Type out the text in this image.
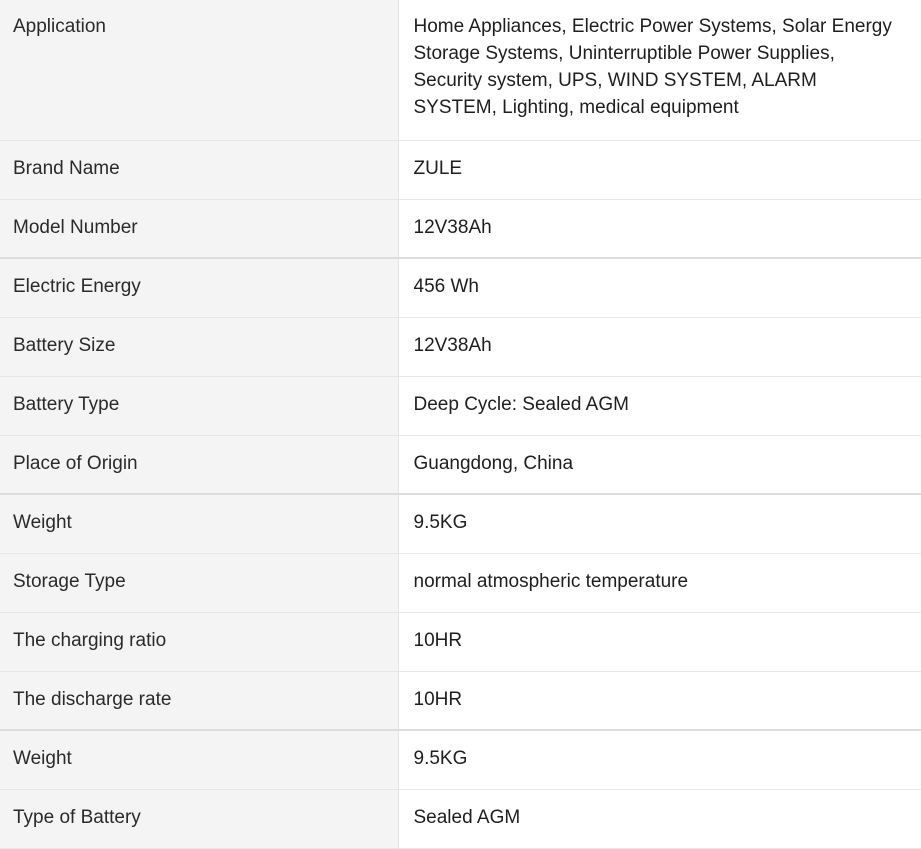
Application	Home Appliances, Electric Power Systems, Solar Energy Storage Systems, Uninterruptible Power Supplies, Security system, UPS, WIND SYSTEM, ALARM SYSTEM, Lighting, medical equipment
Brand Name	ZULE
Model Number	12V38Ah
Electric Energy	456 Wh
Battery Size	12V38Ah
Battery Type	Deep Cycle: Sealed AGM
Place of Origin	Guangdong, China
Weight	9.5KG
Storage Type	normal atmospheric temperature
The charging ratio	10HR
The discharge rate	10HR
Weight	9.5KG
Type of Battery	Sealed AGM
